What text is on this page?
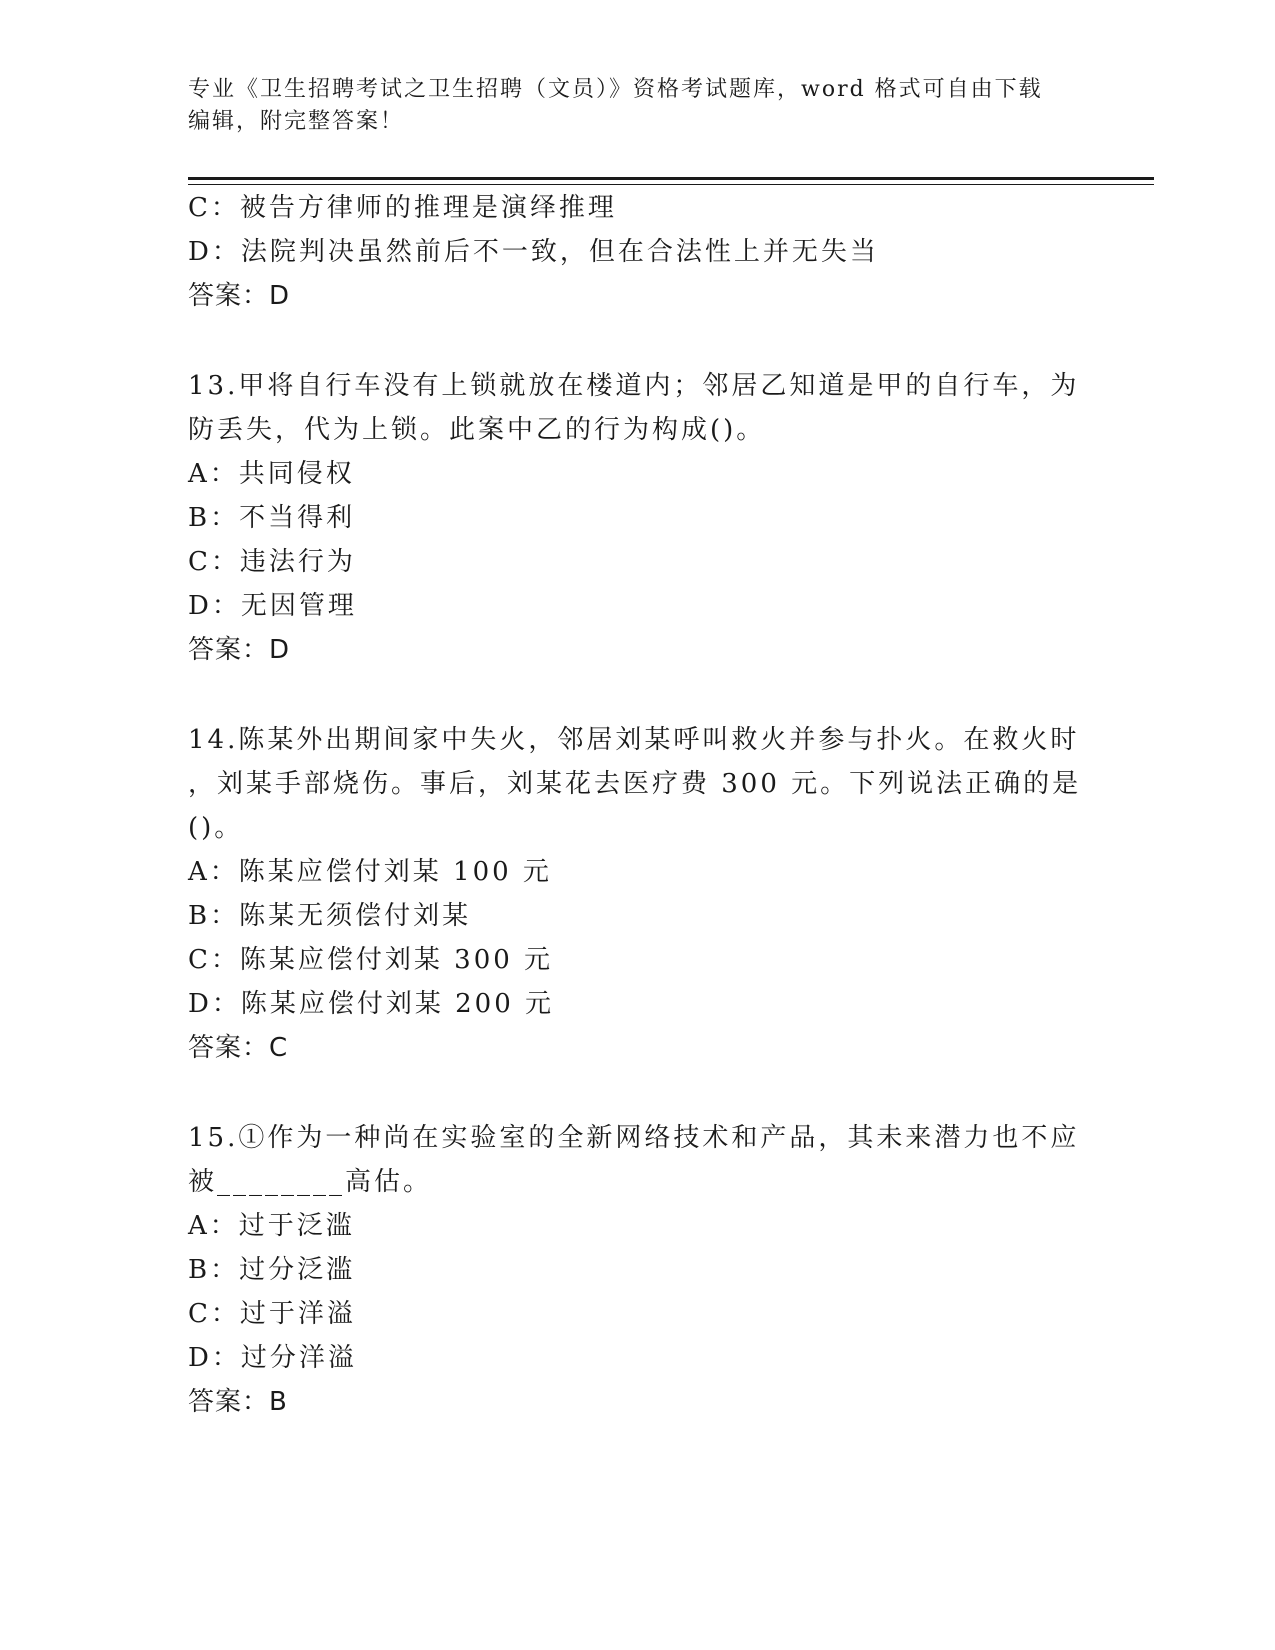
专业《卫生招聘考试之卫生招聘（文员）》资格考试题库，word 格式可自由下载
编辑，附完整答案！
C：被告方律师的推理是演绎推理
D：法院判决虽然前后不一致，但在合法性上并无失当
答案：D
13.甲将自行车没有上锁就放在楼道内；邻居乙知道是甲的自行车，为
防丢失，代为上锁。此案中乙的行为构成()。
A：共同侵权
B：不当得利
C：违法行为
D：无因管理
答案：D
14.陈某外出期间家中失火，邻居刘某呼叫救火并参与扑火。在救火时
，刘某手部烧伤。事后，刘某花去医疗费 300 元。下列说法正确的是
()。
A：陈某应偿付刘某 100 元
B：陈某无须偿付刘某
C：陈某应偿付刘某 300 元
D：陈某应偿付刘某 200 元
答案：C
15.①作为一种尚在实验室的全新网络技术和产品，其未来潜力也不应
被________高估。
A：过于泛滥
B：过分泛滥
C：过于洋溢
D：过分洋溢
答案：B
